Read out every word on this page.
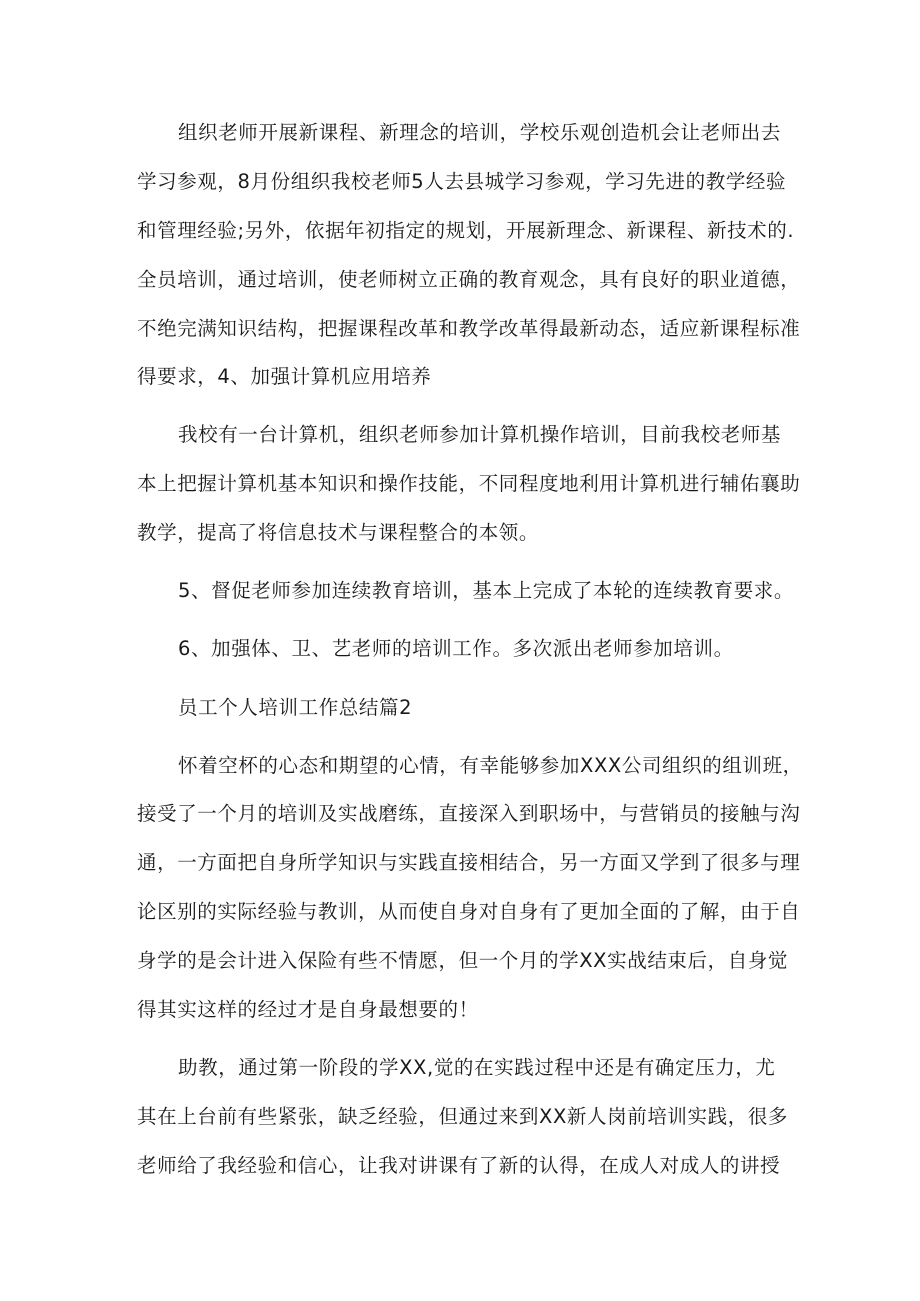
组织老师开展新课程、新理念的培训，学校乐观创造机会让老师出去
学习参观，8月份组织我校老师5人去县城学习参观，学习先进的教学经验
和管理经验;另外，依据年初指定的规划，开展新理念、新课程、新技术的.
全员培训，通过培训，使老师树立正确的教育观念，具有良好的职业道德，
不绝完满知识结构，把握课程改革和教学改革得最新动态，适应新课程标准
得要求，4、加强计算机应用培养
我校有一台计算机，组织老师参加计算机操作培训，目前我校老师基
本上把握计算机基本知识和操作技能，不同程度地利用计算机进行辅佑襄助
教学，提高了将信息技术与课程整合的本领。
5、督促老师参加连续教育培训，基本上完成了本轮的连续教育要求。
6、加强体、卫、艺老师的培训工作。多次派出老师参加培训。
员工个人培训工作总结篇2
怀着空杯的心态和期望的心情，有幸能够参加XXX公司组织的组训班，
接受了一个月的培训及实战磨练，直接深入到职场中，与营销员的接触与沟
通，一方面把自身所学知识与实践直接相结合，另一方面又学到了很多与理
论区别的实际经验与教训，从而使自身对自身有了更加全面的了解，由于自
身学的是会计进入保险有些不情愿，但一个月的学XX实战结束后，自身觉
得其实这样的经过才是自身最想要的！
助教，通过第一阶段的学XX,觉的在实践过程中还是有确定压力，尤
其在上台前有些紧张，缺乏经验，但通过来到XX新人岗前培训实践，很多
老师给了我经验和信心，让我对讲课有了新的认得，在成人对成人的讲授
